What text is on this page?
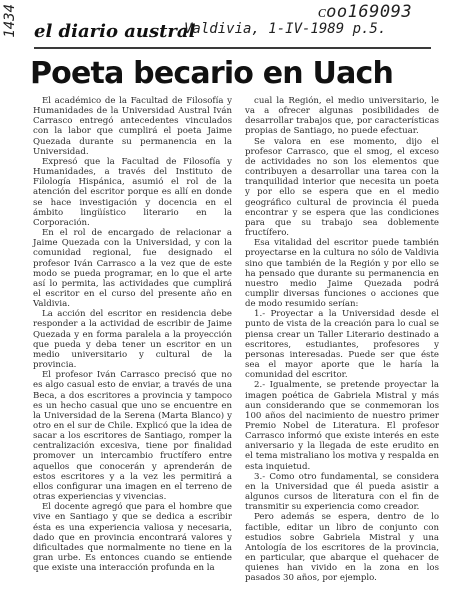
1434	ᴄoo169093
el diario austral
Valdivia, 1-IV-1989 p.5.
Poeta becario en Uach

El académico de la Facultad de Filosofía y Humanidades de la Universidad Austral Iván Carrasco entregó antecedentes vinculados con la labor que cumplirá el poeta Jaime Quezada durante su permanencia en la Universidad.

Expresó que la Facultad de Filosofía y Humanidades, a través del Instituto de Filología Hispánica, asumió el rol de la atención del escritor porque es allí en donde se hace investigación y docencia en el ámbito lingüístico literario en la Corporación.

En el rol de encargado de relacionar a Jaime Quezada con la Universidad, y con la comunidad regional, fue designado el profesor Iván Carrasco a la vez que de este modo se pueda programar, en lo que el arte así lo permita, las actividades que cumplirá el escritor en el curso del presente año en Valdivia.

La acción del escritor en residencia debe responder a la actividad de escribir de Jaime Quezada y en forma paralela a la proyección que pueda y deba tener un escritor en un medio universitario y cultural de la provincia.

El profesor Iván Carrasco precisó que no es algo casual esto de enviar, a través de una Beca, a dos escritores a provincia y tampoco es un hecho casual que uno se encuentre en la Universidad de la Serena (Marta Blanco) y otro en el sur de Chile. Explicó que la idea de sacar a los escritores de Santiago, romper la centralización excesiva, tiene por finalidad promover un intercambio fructífero entre aquellos que conocerán y aprenderán de estos escritores y a la vez les permitirá a ellos configurar una imagen en el terreno de otras experiencias y vivencias.

El docente agregó que para el hombre que vive en Santiago y que se dedica a escribir ésta es una experiencia valiosa y necesaria, dado que en provincia encontrará valores y dificultades que normalmente no tiene en la gran urbe. Es entonces cuando se entiende que existe una interacción profunda en la

cual la Región, el medio universitario, le va a ofrecer algunas posibilidades de desarrollar trabajos que, por características propias de Santiago, no puede efectuar.

Se valora en ese momento, dijo el profesor Carrasco, que el smog, el exceso de actividades no son los elementos que contribuyen a desarrollar una tarea con la tranquilidad interior que necesita un poeta y por ello se espera que en el medio geográfico cultural de provincia él pueda encontrar y se espera que las condiciones para que su trabajo sea doblemente fructífero.

Esa vitalidad del escritor puede también proyectarse en la cultura no sólo de Valdivia sino que también de la Región y por ello se ha pensado que durante su permanencia en nuestro medio Jaime Quezada podrá cumplir diversas funciones o acciones que de modo resumido serían:

1.- Proyectar a la Universidad desde el punto de vista de la creación para lo cual se piensa crear un Taller Literario destinado a escritores, estudiantes, profesores y personas interesadas. Puede ser que éste sea el mayor aporte que le haría la comunidad del escritor.

2.- Igualmente, se pretende proyectar la imagen poética de Gabriela Mistral y más aun considerando que se conmemoran los 100 años del nacimiento de nuestro primer Premio Nobel de Literatura. El profesor Carrasco informó que existe interés en este aniversario y la llegada de este erudito en el tema mistraliano los motiva y respalda en esta inquietud.

3.- Como otro fundamental, se considera en la Universidad que él pueda asistir a algunos cursos de literatura con el fin de transmitir su experiencia como creador.

Pero además se espera, dentro de lo factible, editar un libro de conjunto con estudios sobre Gabriela Mistral y una Antología de los escritores de la provincia, en particular, que abarque el quehacer de quienes han vivido en la zona en los pasados 30 años, por ejemplo.
